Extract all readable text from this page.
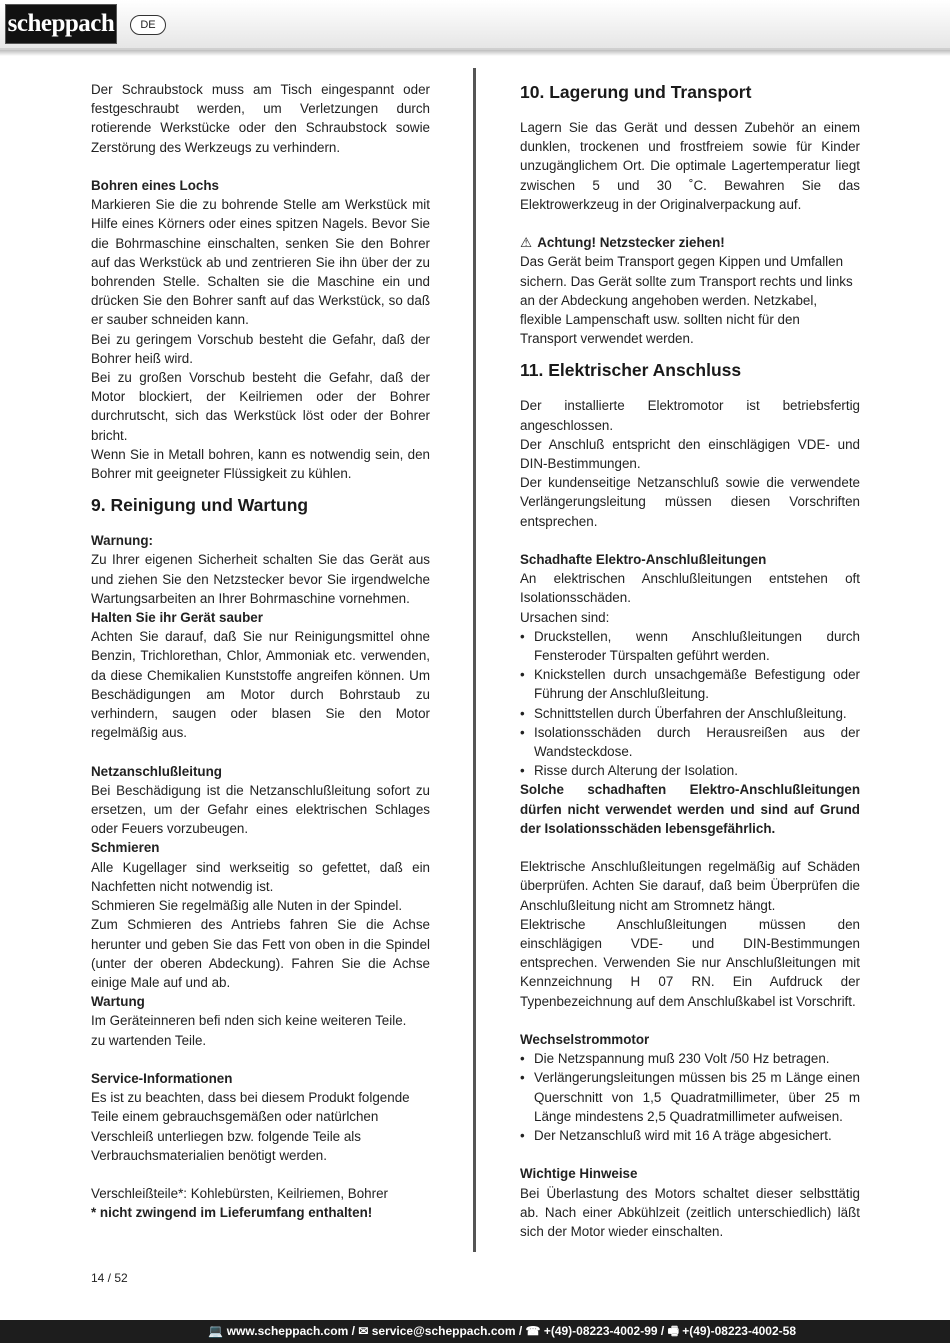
scheppach	DE

Der Schraubstock muss am Tisch eingespannt oder festgeschraubt werden, um Verletzungen durch rotierende Werkstücke oder den Schraubstock sowie Zerstörung des Werkzeugs zu verhindern.

Bohren eines Lochs

Markieren Sie die zu bohrende Stelle am Werkstück mit Hilfe eines Körners oder eines spitzen Nagels. Bevor Sie die Bohrmaschine einschalten, senken Sie den Bohrer auf das Werkstück ab und zentrieren Sie ihn über der zu bohrenden Stelle. Schalten sie die Maschine ein und drücken Sie den Bohrer sanft auf das Werkstück, so daß er sauber schneiden kann.

Bei zu geringem Vorschub besteht die Gefahr, daß der Bohrer heiß wird.

Bei zu großen Vorschub besteht die Gefahr, daß der Motor blockiert, der Keilriemen oder der Bohrer durchrutscht, sich das Werkstück löst oder der Bohrer bricht.

Wenn Sie in Metall bohren, kann es notwendig sein, den Bohrer mit geeigneter Flüssigkeit zu kühlen.

9. Reinigung und Wartung

Warnung:

Zu Ihrer eigenen Sicherheit schalten Sie das Gerät aus und ziehen Sie den Netzstecker bevor Sie irgendwelche Wartungsarbeiten an Ihrer Bohrmaschine vornehmen.

Halten Sie ihr Gerät sauber

Achten Sie darauf, daß Sie nur Reinigungsmittel ohne Benzin, Trichlorethan, Chlor, Ammoniak etc. verwenden, da diese Chemikalien Kunststoffe angreifen können. Um Beschädigungen am Motor durch Bohrstaub zu verhindern, saugen oder blasen Sie den Motor regelmäßig aus.

Netzanschlußleitung

Bei Beschädigung ist die Netzanschlußleitung sofort zu ersetzen, um der Gefahr eines elektrischen Schlages oder Feuers vorzubeugen.

Schmieren

Alle Kugellager sind werkseitig so gefettet, daß ein Nachfetten nicht notwendig ist.

Schmieren Sie regelmäßig alle Nuten in der Spindel.

Zum Schmieren des Antriebs fahren Sie die Achse herunter und geben Sie das Fett von oben in die Spindel (unter der oberen Abdeckung). Fahren Sie die Achse einige Male auf und ab.

Wartung

Im Geräteinneren befi nden sich keine weiteren Teile.

zu wartenden Teile.

Service-Informationen

Es ist zu beachten, dass bei diesem Produkt folgende Teile einem gebrauchsgemäßen oder natürlchen Verschleiß unterliegen bzw. folgende Teile als Verbrauchsmaterialien benötigt werden.

Verschleißteile*: Kohlebürsten, Keilriemen, Bohrer

* nicht zwingend im Lieferumfang enthalten!

10. Lagerung und Transport

Lagern Sie das Gerät und dessen Zubehör an einem dunklen, trockenen und frostfreiem sowie für Kinder unzugänglichem Ort. Die optimale Lagertemperatur liegt zwischen 5 und 30 ˚C. Bewahren Sie das Elektrowerkzeug in der Originalverpackung auf.

⚠ Achtung! Netzstecker ziehen!

Das Gerät beim Transport gegen Kippen und Umfallen sichern. Das Gerät sollte zum Transport rechts und links an der Abdeckung angehoben werden. Netzkabel, flexible Lampenschaft usw. sollten nicht für den Transport verwendet werden.

11. Elektrischer Anschluss

Der installierte Elektromotor ist betriebsfertig angeschlossen.

Der Anschluß entspricht den einschlägigen VDE- und DIN-Bestimmungen.

Der kundenseitige Netzanschluß sowie die verwendete Verlängerungsleitung müssen diesen Vorschriften entsprechen.

Schadhafte Elektro-Anschlußleitungen

An elektrischen Anschlußleitungen entstehen oft Isolationsschäden.

Ursachen sind:

• Druckstellen, wenn Anschlußleitungen durch Fensteroder Türspalten geführt werden.
• Knickstellen durch unsachgemäße Befestigung oder Führung der Anschlußleitung.
• Schnittstellen durch Überfahren der Anschlußleitung.
• Isolationsschäden durch Herausreißen aus der Wandsteckdose.
• Risse durch Alterung der Isolation.

Solche schadhaften Elektro-Anschlußleitungen dürfen nicht verwendet werden und sind auf Grund der Isolationsschäden lebensgefährlich.

Elektrische Anschlußleitungen regelmäßig auf Schäden überprüfen. Achten Sie darauf, daß beim Überprüfen die Anschlußleitung nicht am Stromnetz hängt.

Elektrische Anschlußleitungen müssen den einschlägigen VDE- und DIN-Bestimmungen entsprechen. Verwenden Sie nur Anschlußleitungen mit Kennzeichnung H 07 RN. Ein Aufdruck der Typenbezeichnung auf dem Anschlußkabel ist Vorschrift.

Wechselstrommotor

• Die Netzspannung muß 230 Volt /50 Hz betragen.
• Verlängerungsleitungen müssen bis 25 m Länge einen Querschnitt von 1,5 Quadratmillimeter, über 25 m Länge mindestens 2,5 Quadratmillimeter aufweisen.
• Der Netzanschluß wird mit 16 A träge abgesichert.

Wichtige Hinweise

Bei Überlastung des Motors schaltet dieser selbsttätig ab. Nach einer Abkühlzeit (zeitlich unterschiedlich) läßt sich der Motor wieder einschalten.

14 / 52
💻 www.scheppach.com / ✉ service@scheppach.com / ☎ +(49)-08223-4002-99 / 🖷 +(49)-08223-4002-58
